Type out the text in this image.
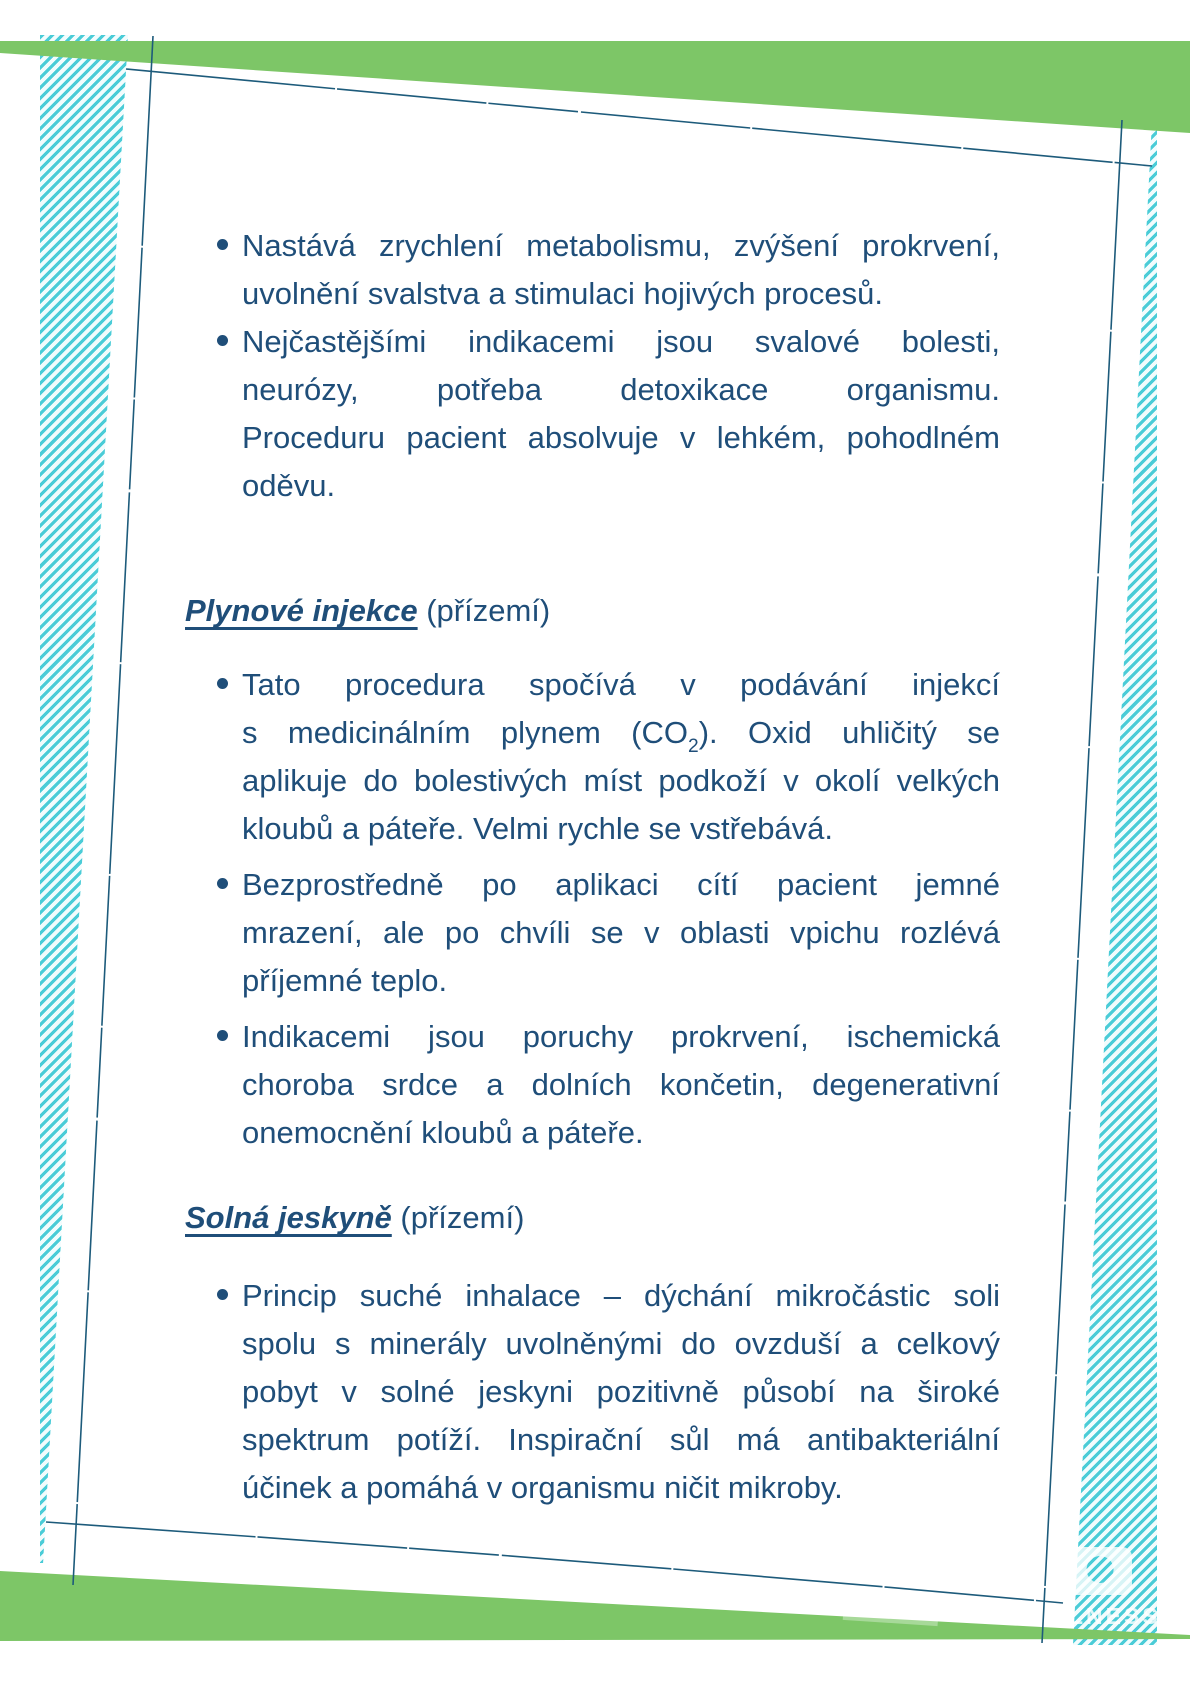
LNESS
Nastává zrychlení metabolismu, zvýšení prokrvení,
uvolnění svalstva a stimulaci hojivých procesů.
Nejčastějšími indikacemi jsou svalové bolesti,
neurózy, potřeba detoxikace organismu.
Proceduru pacient absolvuje v lehkém, pohodlném
oděvu.
Plynové injekce (přízemí)
Tato procedura spočívá v podávání injekcí
s medicinálním plynem $(CO_2)$. Oxid uhličitý se
aplikuje do bolestivých míst podkoží v okolí velkých
kloubů a páteře. Velmi rychle se vstřebává.
Bezprostředně po aplikaci cítí pacient jemné
mrazení, ale po chvíli se v oblasti vpichu rozlévá
příjemné teplo.
Indikacemi jsou poruchy prokrvení, ischemická
choroba srdce a dolních končetin, degenerativní
onemocnění kloubů a páteře.
Solná jeskyně (přízemí)
Princip suché inhalace – dýchání mikročástic soli
spolu s minerály uvolněnými do ovzduší a celkový
pobyt v solné jeskyni pozitivně působí na široké
spektrum potíží. Inspirační sůl má antibakteriální
účinek a pomáhá v organismu ničit mikroby.
